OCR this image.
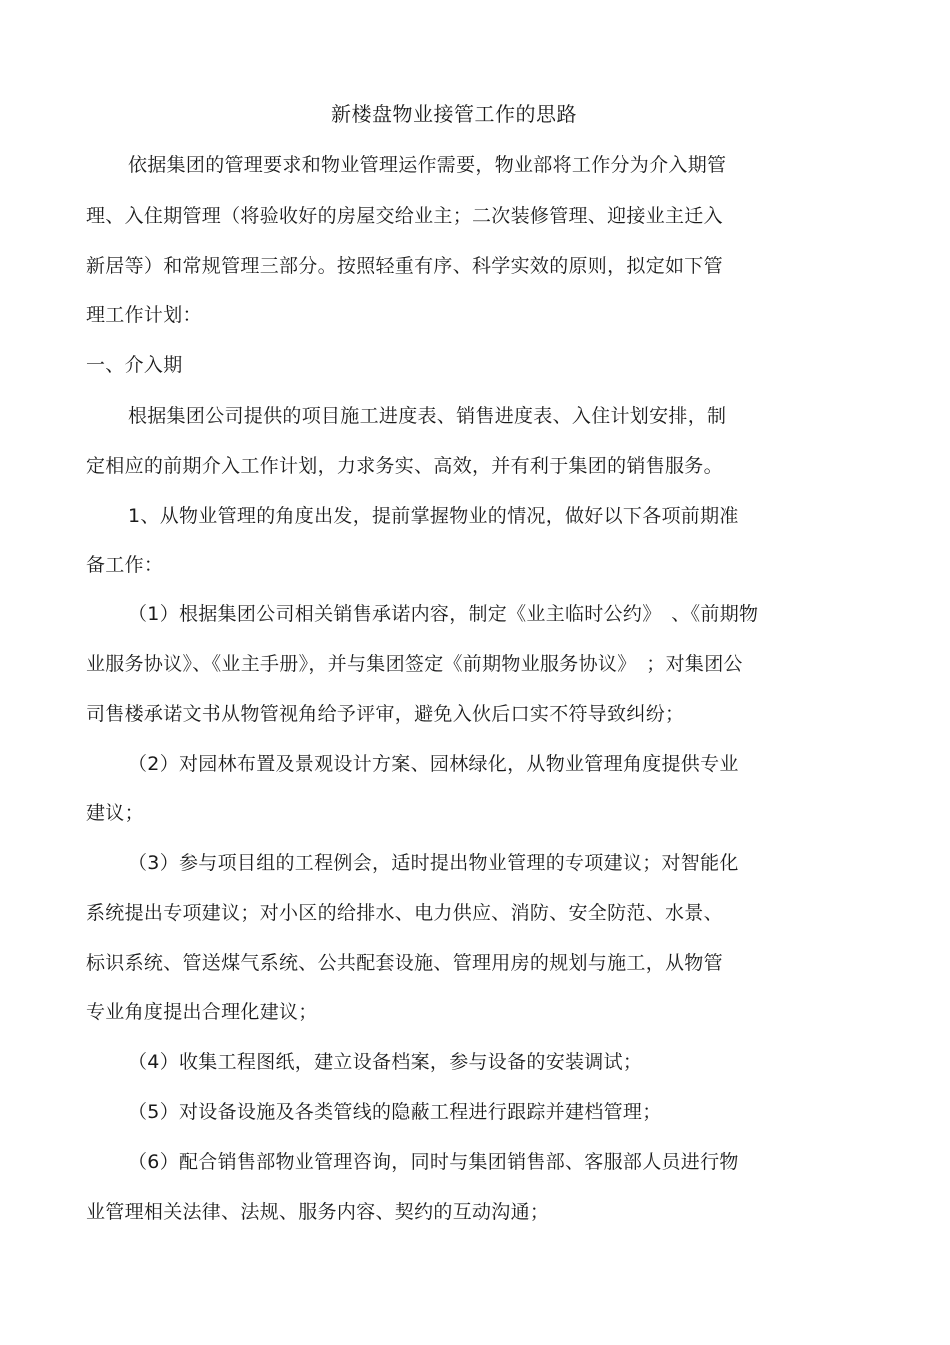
新楼盘物业接管工作的思路
依据集团的管理要求和物业管理运作需要，物业部将工作分为介入期管
理、入住期管理（将验收好的房屋交给业主；二次装修管理、迎接业主迁入
新居等）和常规管理三部分。按照轻重有序、科学实效的原则，拟定如下管
理工作计划：
一、介入期
根据集团公司提供的项目施工进度表、销售进度表、入住计划安排，制
定相应的前期介入工作计划，力求务实、高效，并有利于集团的销售服务。
1、从物业管理的角度出发，提前掌握物业的情况，做好以下各项前期准
备工作：
（1）根据集团公司相关销售承诺内容，制定《业主临时公约》　、《前期物
业服务协议》、《业主手册》，并与集团签定《前期物业服务协议》　；对集团公
司售楼承诺文书从物管视角给予评审，避免入伙后口实不符导致纠纷；
（2）对园林布置及景观设计方案、园林绿化，从物业管理角度提供专业
建议；
（3）参与项目组的工程例会，适时提出物业管理的专项建议；对智能化
系统提出专项建议；对小区的给排水、电力供应、消防、安全防范、水景、
标识系统、管送煤气系统、公共配套设施、管理用房的规划与施工，从物管
专业角度提出合理化建议；
（4）收集工程图纸，建立设备档案，参与设备的安装调试；
（5）对设备设施及各类管线的隐蔽工程进行跟踪并建档管理；
（6）配合销售部物业管理咨询，同时与集团销售部、客服部人员进行物
业管理相关法律、法规、服务内容、契约的互动沟通；
